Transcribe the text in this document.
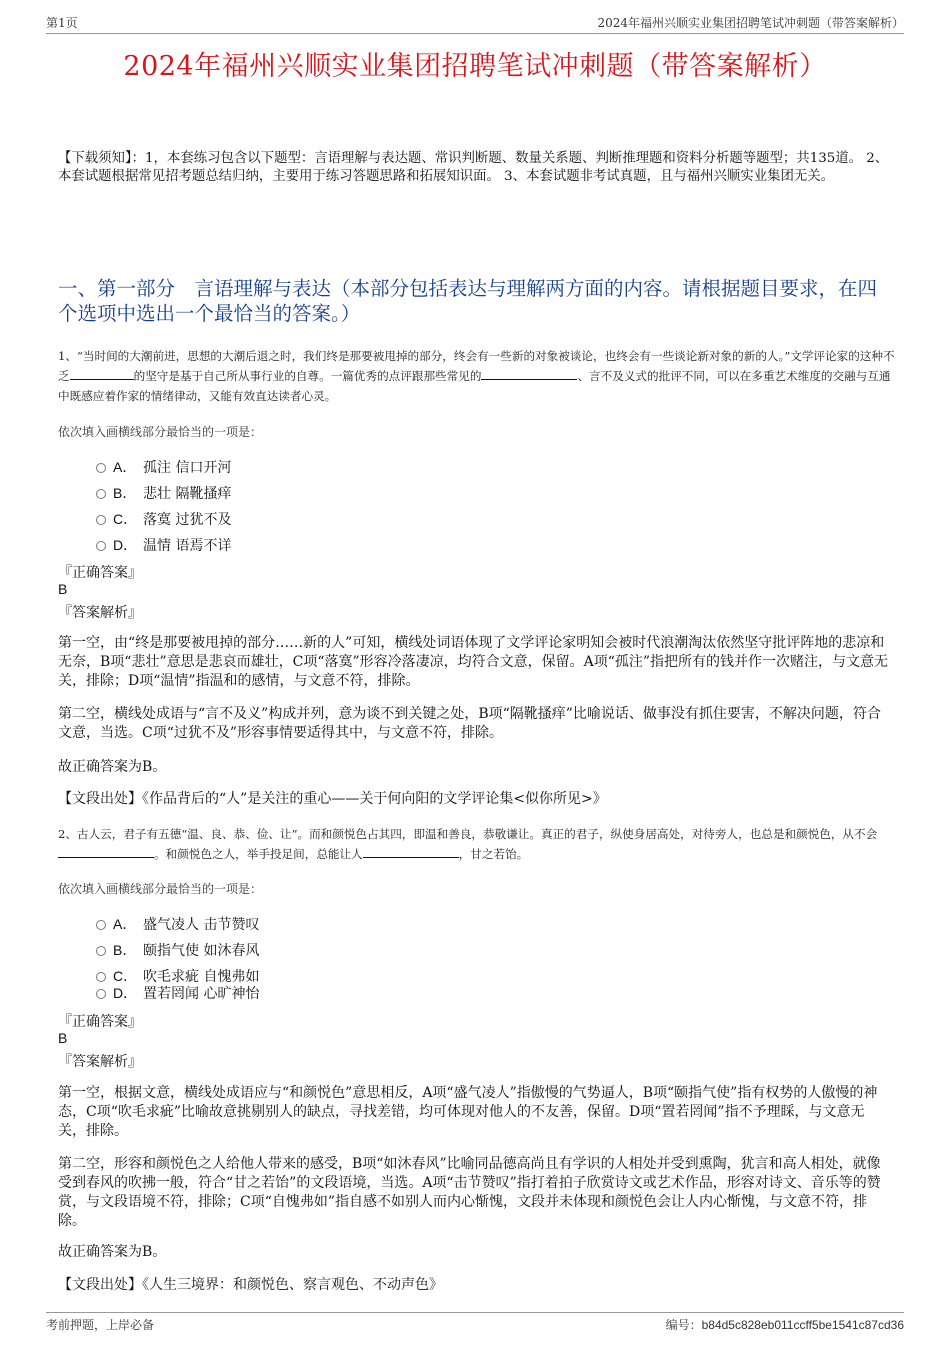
第1页	2024年福州兴顺实业集团招聘笔试冲刺题（带答案解析）
2024年福州兴顺实业集团招聘笔试冲刺题（带答案解析）
【下载须知】：1，本套练习包含以下题型：言语理解与表达题、常识判断题、数量关系题、判断推理题和资料分析题等题型；共135道。 2、本套试题根据常见招考题总结归纳，主要用于练习答题思路和拓展知识面。 3、本套试题非考试真题，且与福州兴顺实业集团无关。
一、第一部分　言语理解与表达（本部分包括表达与理解两方面的内容。请根据题目要求，在四个选项中选出一个最恰当的答案。）
1、“当时间的大潮前进，思想的大潮后退之时，我们终是那要被甩掉的部分，终会有一些新的对象被谈论，也终会有一些谈论新对象的新的人。”文学评论家的这种不乏	的坚守是基于自己所从事行业的自尊。一篇优秀的点评跟那些常见的	、言不及义式的批评不同，可以在多重艺术维度的交融与互通中既感应着作家的情绪律动，又能有效直达读者心灵。
依次填入画横线部分最恰当的一项是：
A． 孤注 信口开河
B． 悲壮 隔靴搔痒
C． 落寞 过犹不及
D． 温情 语焉不详
『正确答案』
B
『答案解析』
第一空，由“终是那要被甩掉的部分……新的人”可知，横线处词语体现了文学评论家明知会被时代浪潮淘汰依然坚守批评阵地的悲凉和无奈，B项“悲壮”意思是悲哀而雄壮，C项“落寞”形容冷落凄凉，均符合文意，保留。A项“孤注”指把所有的钱并作一次赌注，与文意无关，排除；D项“温情”指温和的感情，与文意不符，排除。
第二空，横线处成语与“言不及义”构成并列，意为谈不到关键之处，B项“隔靴搔痒”比喻说话、做事没有抓住要害，不解决问题，符合文意，当选。C项“过犹不及”形容事情要适得其中，与文意不符，排除。
故正确答案为B。
【文段出处】《作品背后的“人”是关注的重心——关于何向阳的文学评论集<似你所见>》
2、古人云，君子有五德“温、良、恭、俭、让”。而和颜悦色占其四，即温和善良，恭敬谦让。真正的君子，纵使身居高处，对待旁人，也总是和颜悦色，从不会。和颜悦色之人，举手投足间，总能让人	，甘之若饴。
依次填入画横线部分最恰当的一项是：
A． 盛气凌人 击节赞叹
B． 颐指气使 如沐春风
C． 吹毛求疵 自愧弗如
D． 置若罔闻 心旷神怡
『正确答案』
B
『答案解析』
第一空，根据文意，横线处成语应与“和颜悦色”意思相反，A项“盛气凌人”指傲慢的气势逼人，B项“颐指气使”指有权势的人傲慢的神态，C项“吹毛求疵”比喻故意挑剔别人的缺点，寻找差错，均可体现对他人的不友善，保留。D项“置若罔闻”指不予理睬，与文意无关，排除。
第二空，形容和颜悦色之人给他人带来的感受，B项“如沐春风”比喻同品德高尚且有学识的人相处并受到熏陶，犹言和高人相处，就像受到春风的吹拂一般，符合“甘之若饴”的文段语境，当选。A项“击节赞叹”指打着拍子欣赏诗文或艺术作品，形容对诗文、音乐等的赞赏，与文段语境不符，排除；C项“自愧弗如”指自感不如别人而内心惭愧，文段并未体现和颜悦色会让人内心惭愧，与文意不符，排除。
故正确答案为B。
【文段出处】《人生三境界：和颜悦色、察言观色、不动声色》
考前押题，上岸必备	编号：b84d5c828eb011ccff5be1541c87cd36
